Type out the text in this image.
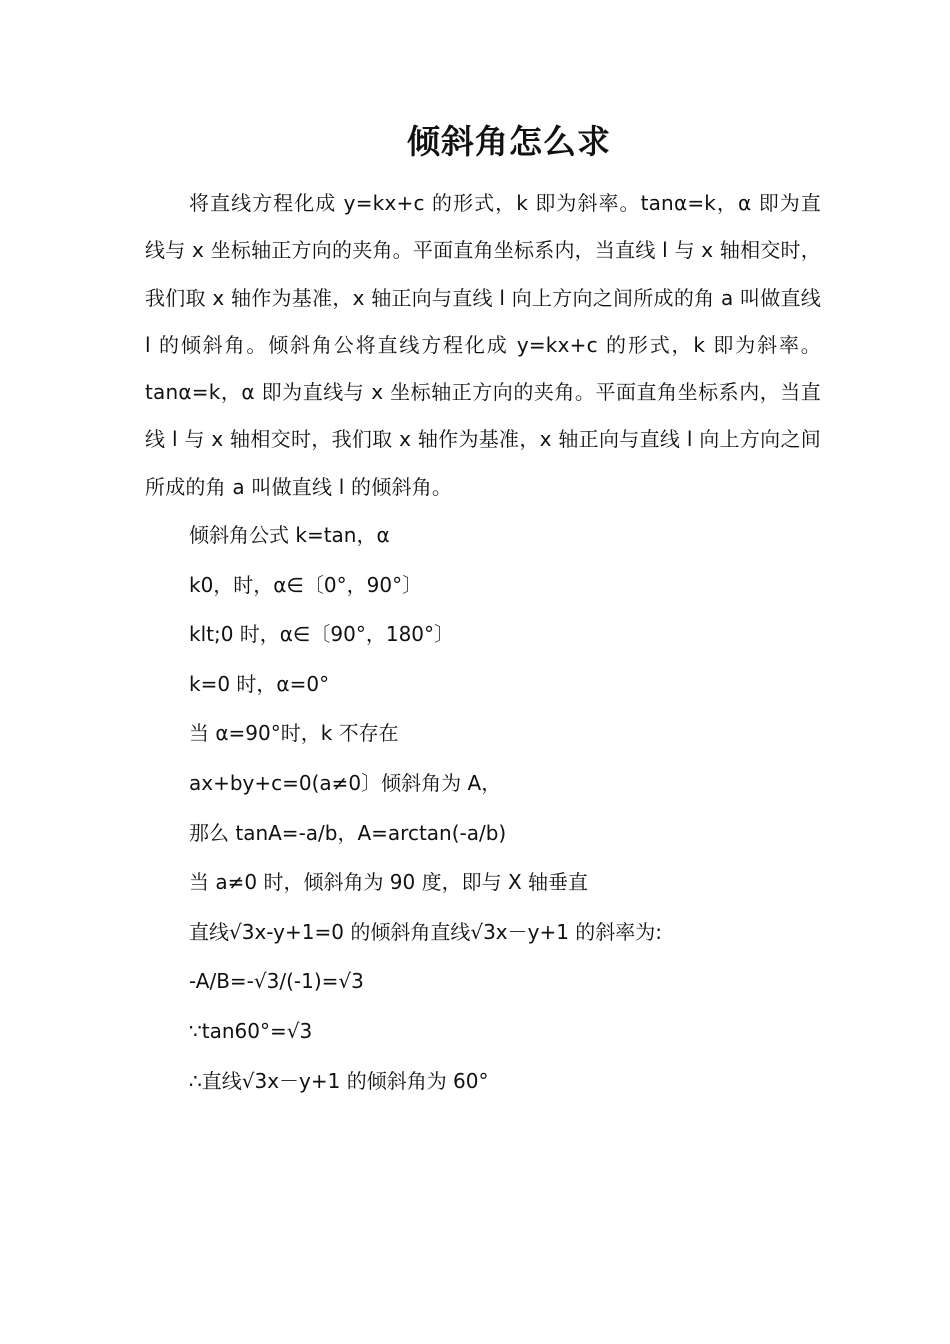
倾斜角怎么求

将直线方程化成 y=kx+c 的形式，k 即为斜率。tanα=k，α 即为直线与 x 坐标轴正方向的夹角。平面直角坐标系内，当直线 l 与 x 轴相交时，我们取 x 轴作为基准，x 轴正向与直线 l 向上方向之间所成的角 a 叫做直线 l 的倾斜角。倾斜角公将直线方程化成 y=kx+c 的形式，k 即为斜率。tanα=k，α 即为直线与 x 坐标轴正方向的夹角。平面直角坐标系内，当直线 l 与 x 轴相交时，我们取 x 轴作为基准，x 轴正向与直线 l 向上方向之间所成的角 a 叫做直线 l 的倾斜角。

倾斜角公式 k=tan，α
k0，时，α∈〔0°，90°〕
klt;0 时，α∈〔90°，180°〕
k=0 时，α=0°
当 α=90°时，k 不存在
ax+by+c=0(a≠0〕倾斜角为 A，
那么 tanA=-a/b，A=arctan(-a/b)
当 a≠0 时，倾斜角为 90 度，即与 X 轴垂直
直线√3x-y+1=0 的倾斜角直线√3x－y+1 的斜率为:
-A/B=-√3/(-1)=√3
∵tan60°=√3
∴直线√3x－y+1 的倾斜角为 60°
